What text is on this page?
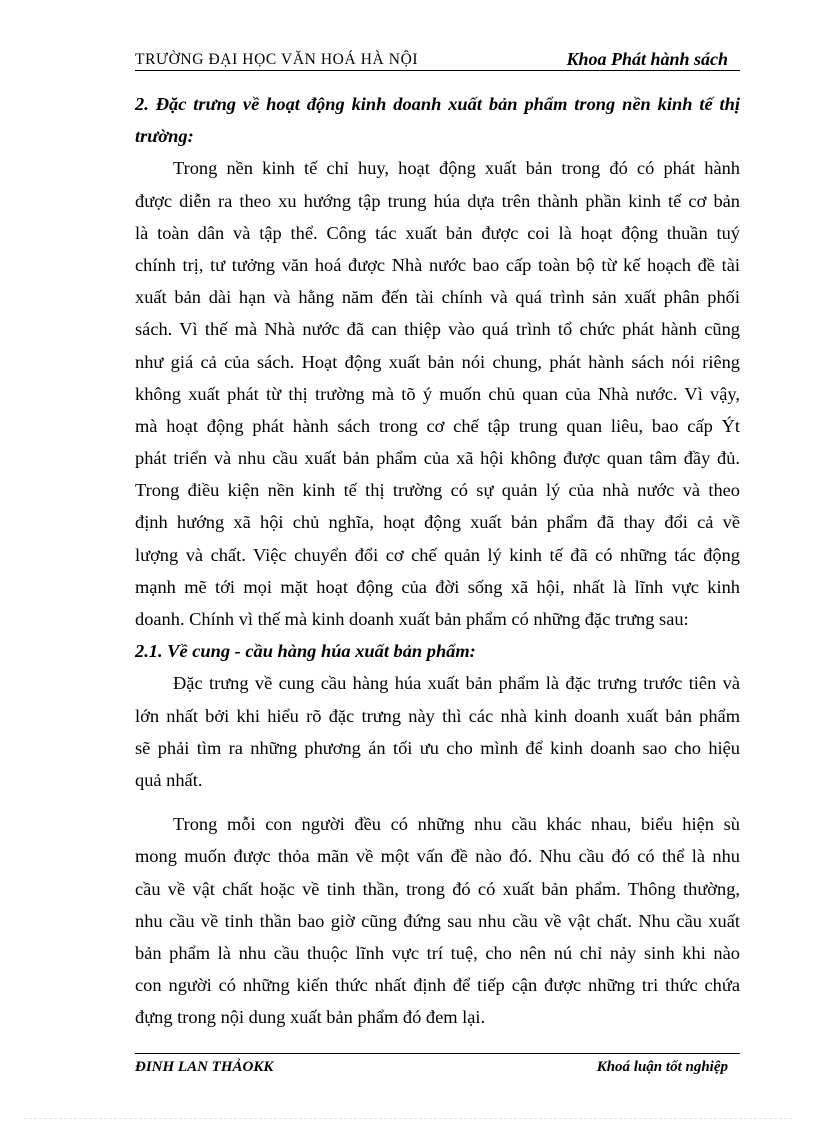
TRƯỜNG ĐẠI HỌC VĂN HOÁ HÀ NỘI	Khoa Phát hành sách
2. Đặc trưng về hoạt động kinh doanh xuất bản phẩm trong nền kinh tế thị
trường:
Trong nền kinh tế chỉ huy, hoạt động xuất bản trong đó có phát hành
được diễn ra theo xu hướng tập trung húa dựa trên thành phần kinh tế cơ bản
là toàn dân và tập thể. Công tác xuất bản được coi là hoạt động thuần tuý
chính trị, tư tưởng văn hoá được Nhà nước bao cấp toàn bộ từ kế hoạch đề tài
xuất bản dài hạn và hằng năm đến tài chính và quá trình sản xuất phân phối
sách. Vì thế mà Nhà nước đã can thiệp vào quá trình tổ chức phát hành cũng
như giá cả của sách. Hoạt động xuất bản nói chung, phát hành sách nói riêng
không xuất phát từ thị trường mà tõ ý muốn chủ quan của Nhà nước. Vì vậy,
mà hoạt động phát hành sách trong cơ chế tập trung quan liêu, bao cấp Ýt
phát triển và nhu cầu xuất bản phẩm của xã hội không được quan tâm đầy đủ.
Trong điều kiện nền kinh tế thị trường có sự quản lý của nhà nước và theo
định hướng xã hội chủ nghĩa, hoạt động xuất bản phẩm đã thay đổi cả về
lượng và chất. Việc chuyển đổi cơ chế quản lý kinh tế đã có những tác động
mạnh mẽ tới mọi mặt hoạt động của đời sống xã hội, nhất là lĩnh vực kinh
doanh. Chính vì thế mà kinh doanh xuất bản phẩm có những đặc trưng sau:
2.1. Về cung - cầu hàng húa xuất bản phẩm:
Đặc trưng về cung cầu hàng húa xuất bản phẩm là đặc trưng trước tiên và
lớn nhất bởi khi hiểu rõ đặc trưng này thì các nhà kinh doanh xuất bản phẩm
sẽ phải tìm ra những phương án tối ưu cho mình để kinh doanh sao cho hiệu
quả nhất.
Trong mỗi con người đều có những nhu cầu khác nhau, biểu hiện sù
mong muốn được thỏa mãn về một vấn đề nào đó. Nhu cầu đó có thể là nhu
cầu về vật chất hoặc về tinh thần, trong đó có xuất bản phẩm. Thông thường,
nhu cầu về tinh thần bao giờ cũng đứng sau nhu cầu về vật chất. Nhu cầu xuất
bản phẩm là nhu cầu thuộc lĩnh vực trí tuệ, cho nên nú chỉ nảy sinh khi nào
con người có những kiến thức nhất định để tiếp cận được những tri thức chứa
đựng trong nội dung xuất bản phẩm đó đem lại.
ĐINH LAN THẢOKK	Khoá luận tốt nghiệp
